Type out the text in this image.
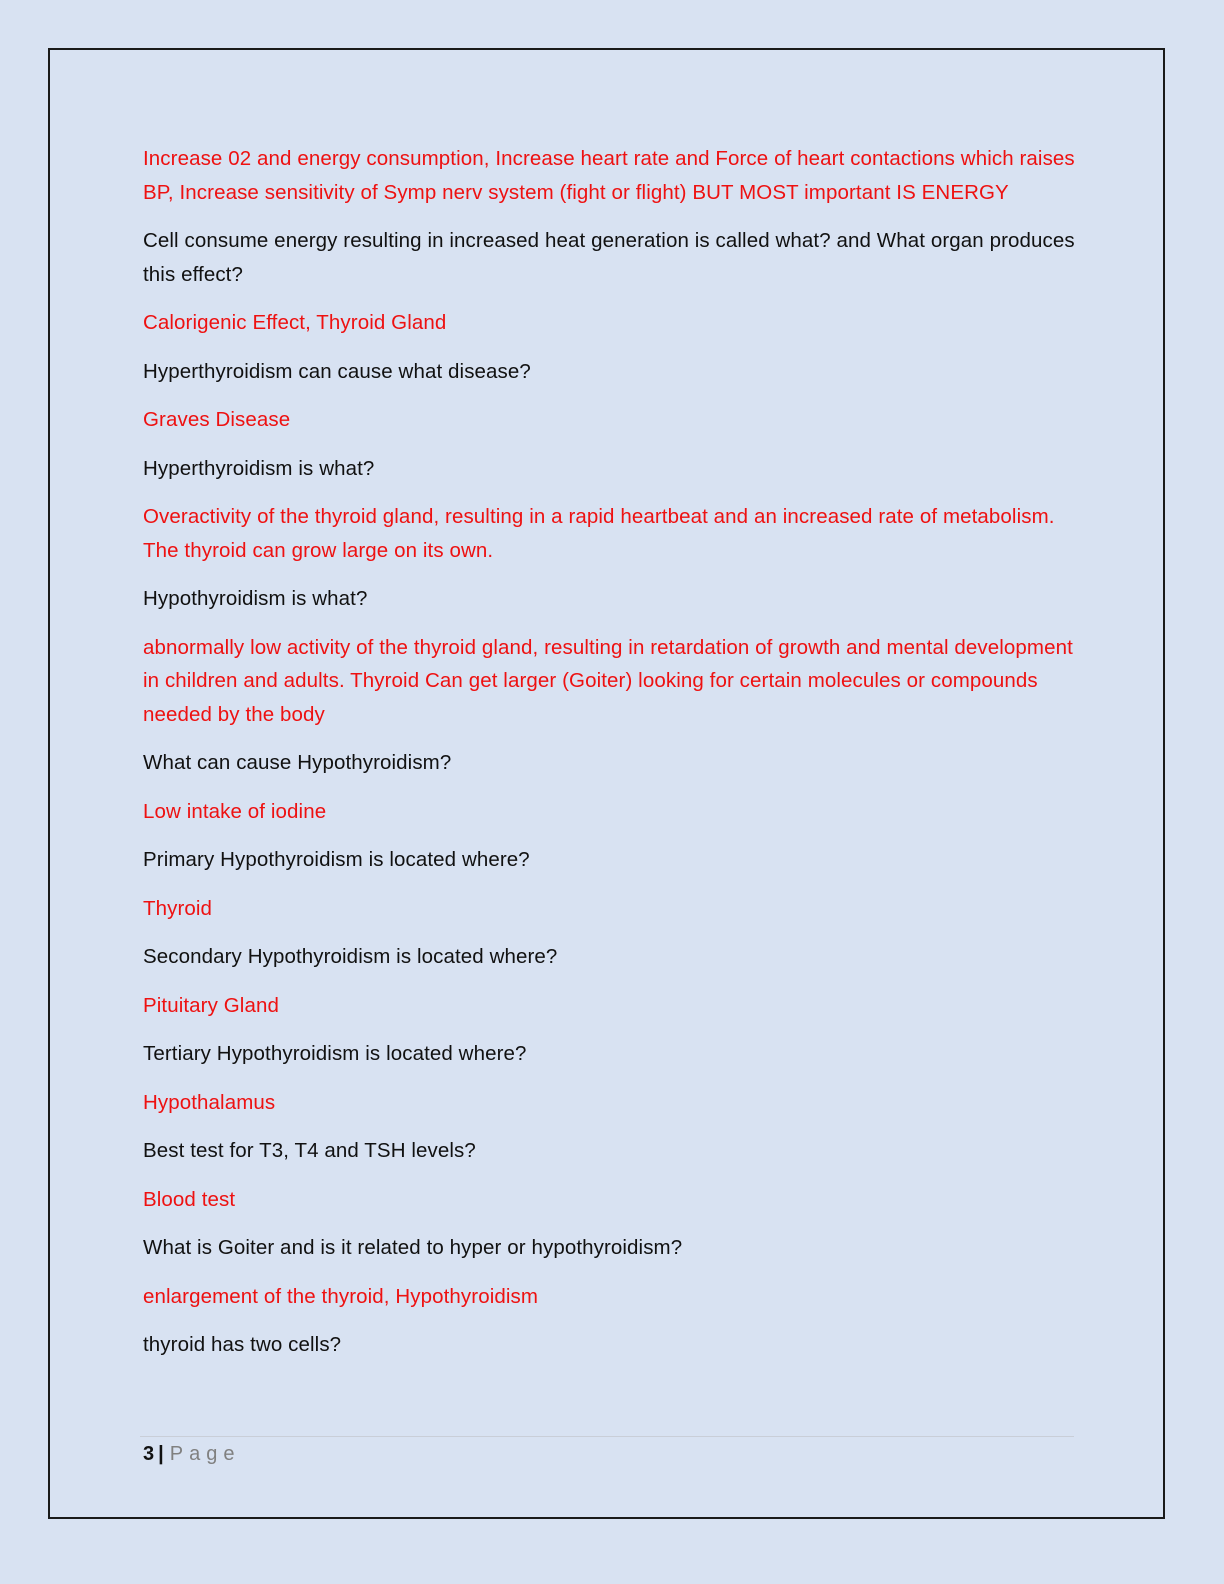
Increase 02 and energy consumption, Increase heart rate and Force of heart contactions which raises BP, Increase sensitivity of Symp nerv system (fight or flight) BUT MOST important IS ENERGY

Cell consume energy resulting in increased heat generation is called what? and What organ produces this effect?

Calorigenic Effect, Thyroid Gland

Hyperthyroidism can cause what disease?

Graves Disease

Hyperthyroidism is what?

Overactivity of the thyroid gland, resulting in a rapid heartbeat and an increased rate of metabolism. The thyroid can grow large on its own.

Hypothyroidism is what?

abnormally low activity of the thyroid gland, resulting in retardation of growth and mental development in children and adults. Thyroid Can get larger (Goiter) looking for certain molecules or compounds needed by the body

What can cause Hypothyroidism?

Low intake of iodine

Primary Hypothyroidism is located where?

Thyroid

Secondary Hypothyroidism is located where?

Pituitary Gland

Tertiary Hypothyroidism is located where?

Hypothalamus

Best test for T3, T4 and TSH levels?

Blood test

What is Goiter and is it related to hyper or hypothyroidism?

enlargement of the thyroid, Hypothyroidism

thyroid has two cells?

3 | Page
